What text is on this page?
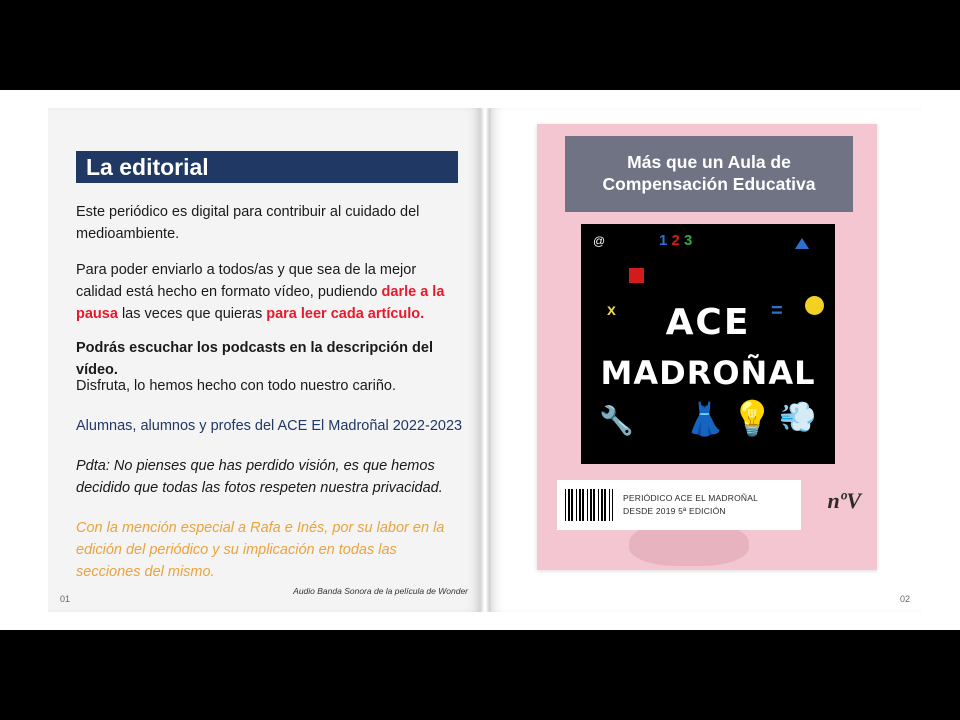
La editorial
Este periódico es digital para contribuir al cuidado del medioambiente.
Para poder enviarlo a todos/as y que sea de la mejor calidad está hecho en formato vídeo, pudiendo darle a la pausa las veces que quieras para leer cada artículo.
Podrás escuchar los podcasts en la descripción del vídeo.
Disfruta, lo hemos hecho con todo nuestro cariño.
Alumnas, alumnos y profes del ACE El Madroñal 2022-2023
Pdta: No pienses que has perdido visión, es que hemos decidido que todas las fotos respeten nuestra privacidad.
Con la mención especial a Rafa e Inés, por su labor en la edición del periódico y su implicación en todas las secciones del mismo.
Audio Banda Sonora de la película de Wonder
01
Más que un Aula de
Compensación Educativa
@	1 2 3
x	=
ACE
MADROÑAL
🔧 👗 💡 💨
PERIÓDICO ACE EL MADROÑAL
DESDE 2019 5ª EDICIÓN	nºV
02
